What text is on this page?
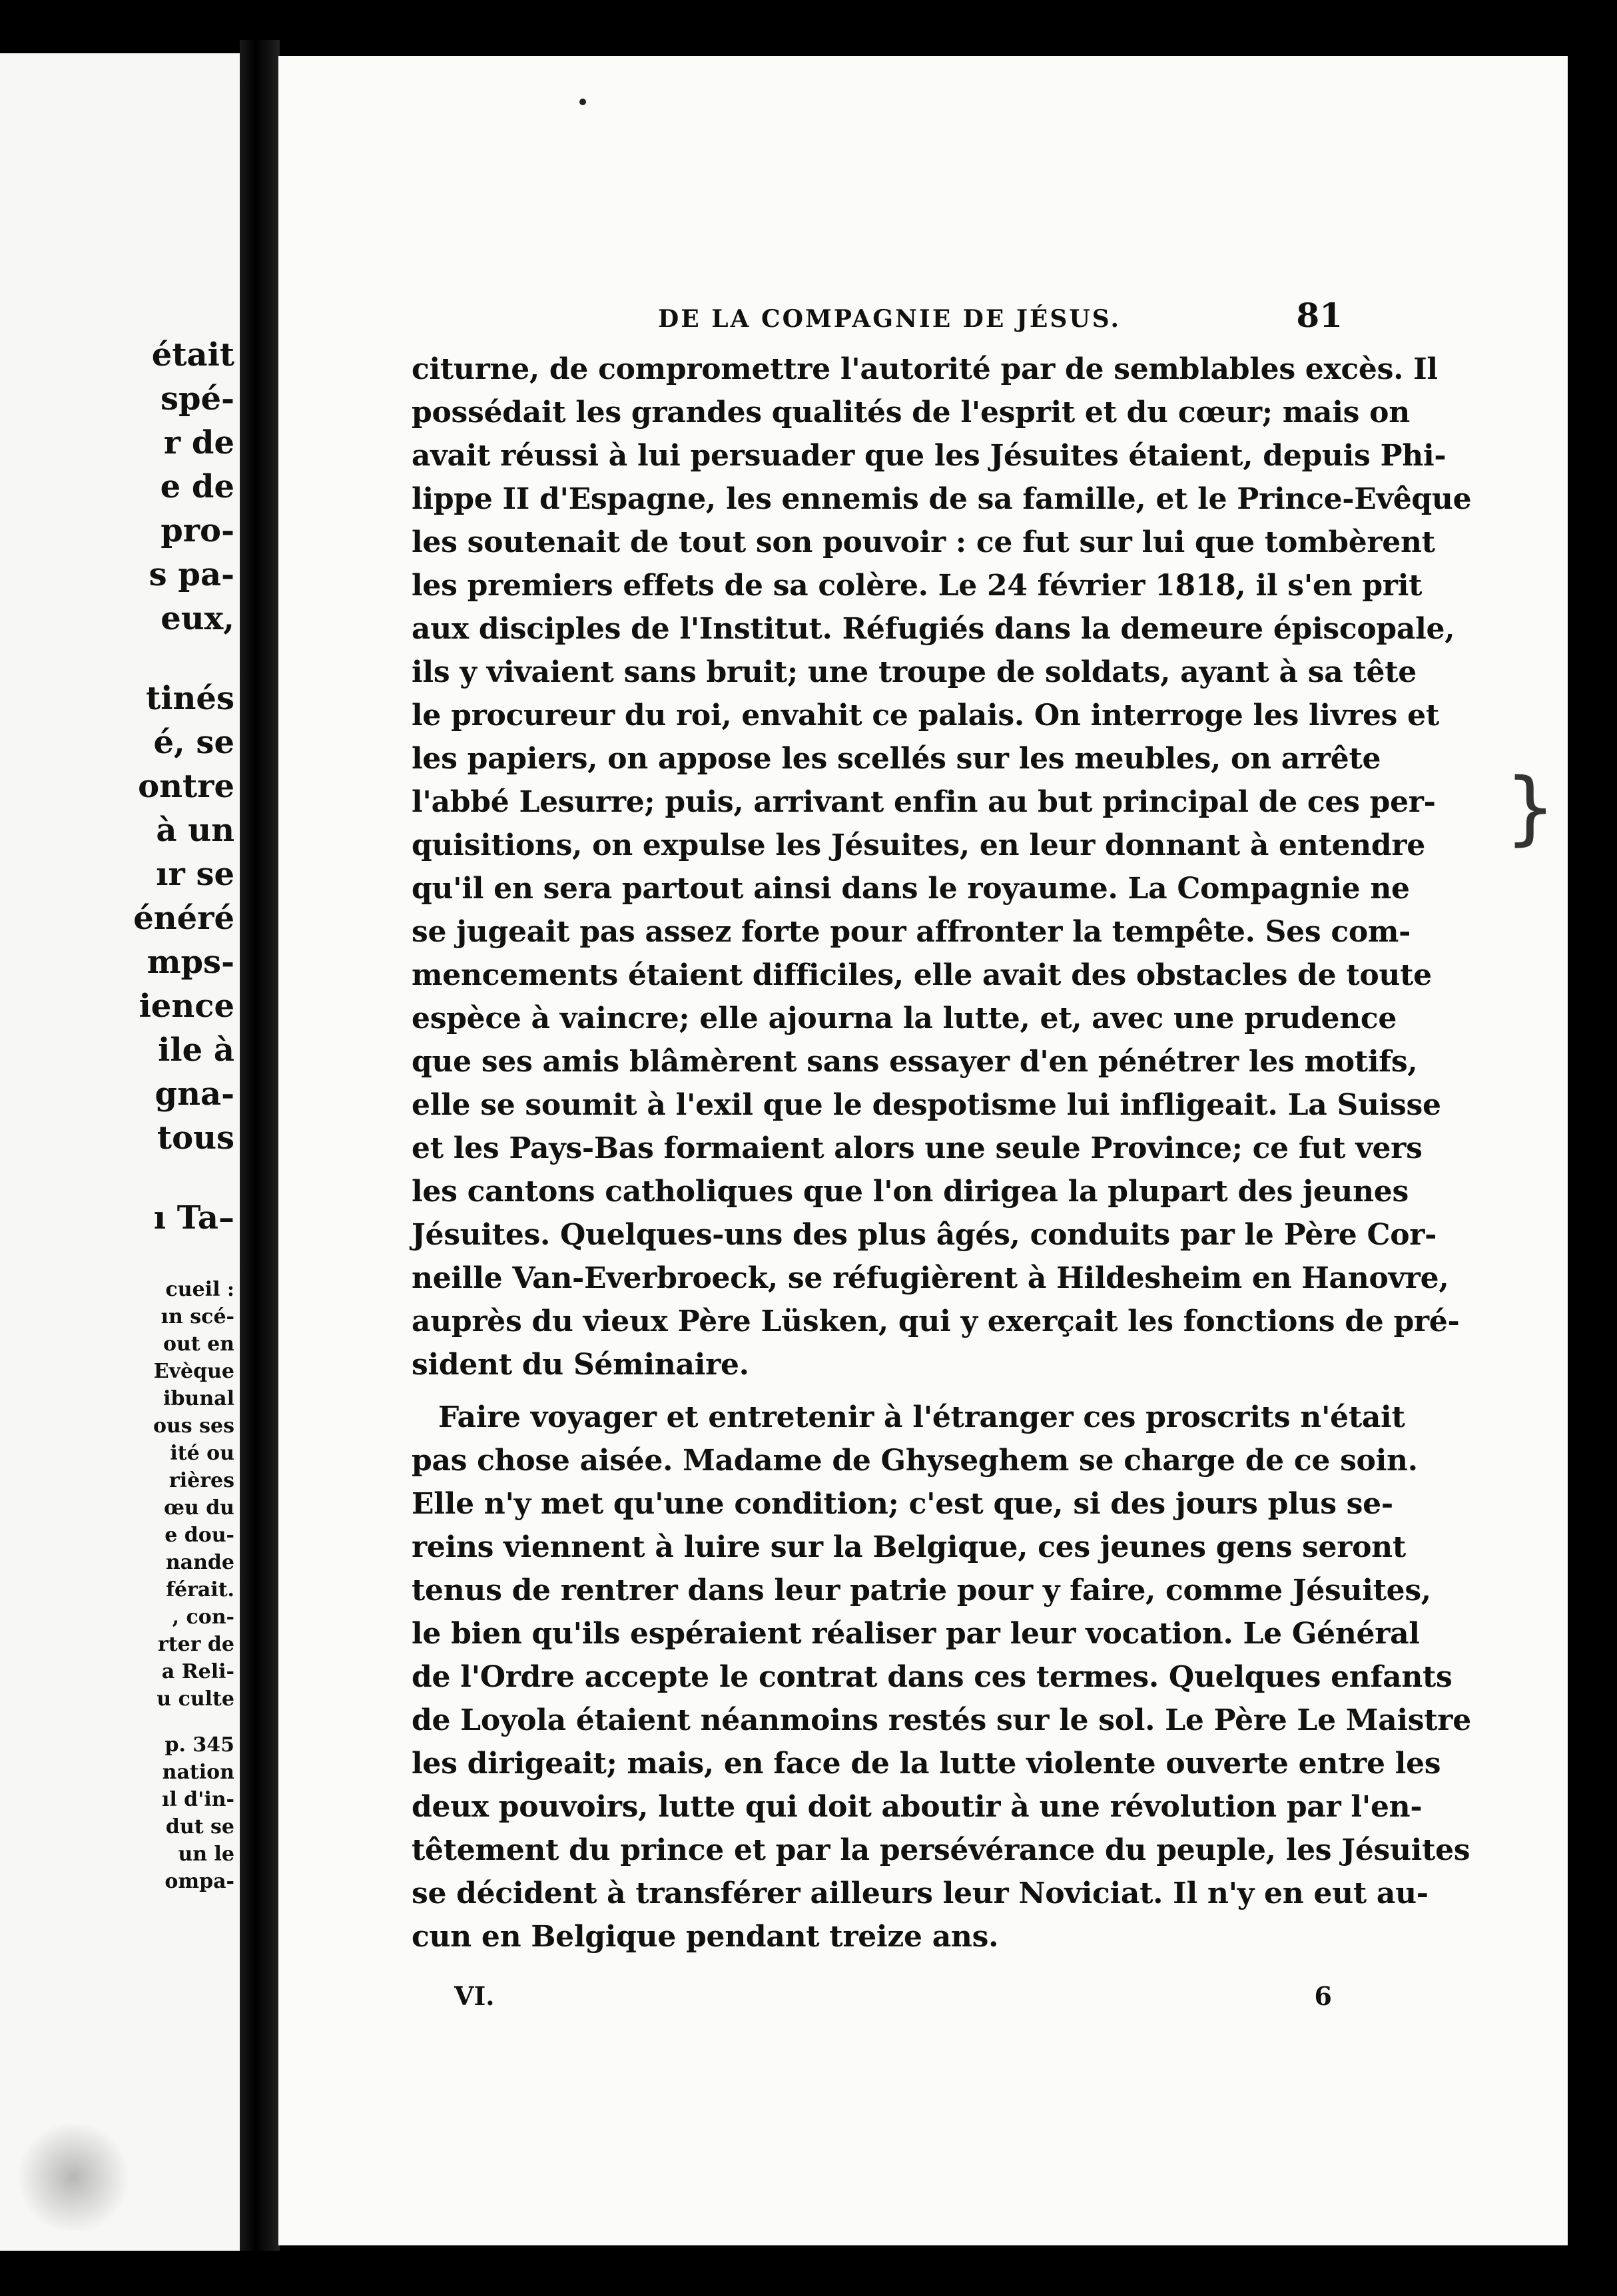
était
spé-
r de
e de
pro-
s pa-
eux,
tinés
é, se
ontre
à un
ır se
énéré
mps-
ience
ile à
gna-
tous
ı Ta–
cueil :
ın scé-
out en
Evèque
ibunal
ous ses
ité ou
rières
œu du
e dou-
nande
férait.
, con-
rter de
a Reli-
u culte
p. 345
nation
ıl d'in-
dut se
un le
ompa-
}
DE LA COMPAGNIE DE JÉSUS.	81
citurne, de compromettre l'autorité par de semblables excès. Il
possédait les grandes qualités de l'esprit et du cœur; mais on
avait réussi à lui persuader que les Jésuites étaient, depuis Phi-
lippe II d'Espagne, les ennemis de sa famille, et le Prince-Evêque
les soutenait de tout son pouvoir : ce fut sur lui que tombèrent
les premiers effets de sa colère. Le 24 février 1818, il s'en prit
aux disciples de l'Institut. Réfugiés dans la demeure épiscopale,
ils y vivaient sans bruit; une troupe de soldats, ayant à sa tête
le procureur du roi, envahit ce palais. On interroge les livres et
les papiers, on appose les scellés sur les meubles, on arrête
l'abbé Lesurre; puis, arrivant enfin au but principal de ces per-
quisitions, on expulse les Jésuites, en leur donnant à entendre
qu'il en sera partout ainsi dans le royaume. La Compagnie ne
se jugeait pas assez forte pour affronter la tempête. Ses com-
mencements étaient difficiles, elle avait des obstacles de toute
espèce à vaincre; elle ajourna la lutte, et, avec une prudence
que ses amis blâmèrent sans essayer d'en pénétrer les motifs,
elle se soumit à l'exil que le despotisme lui infligeait. La Suisse
et les Pays-Bas formaient alors une seule Province; ce fut vers
les cantons catholiques que l'on dirigea la plupart des jeunes
Jésuites. Quelques-uns des plus âgés, conduits par le Père Cor-
neille Van-Everbroeck, se réfugièrent à Hildesheim en Hanovre,
auprès du vieux Père Lüsken, qui y exerçait les fonctions de pré-
sident du Séminaire.
Faire voyager et entretenir à l'étranger ces proscrits n'était
pas chose aisée. Madame de Ghyseghem se charge de ce soin.
Elle n'y met qu'une condition; c'est que, si des jours plus se-
reins viennent à luire sur la Belgique, ces jeunes gens seront
tenus de rentrer dans leur patrie pour y faire, comme Jésuites,
le bien qu'ils espéraient réaliser par leur vocation. Le Général
de l'Ordre accepte le contrat dans ces termes. Quelques enfants
de Loyola étaient néanmoins restés sur le sol. Le Père Le Maistre
les dirigeait; mais, en face de la lutte violente ouverte entre les
deux pouvoirs, lutte qui doit aboutir à une révolution par l'en-
têtement du prince et par la persévérance du peuple, les Jésuites
se décident à transférer ailleurs leur Noviciat. Il n'y en eut au-
cun en Belgique pendant treize ans.
VI.	6
